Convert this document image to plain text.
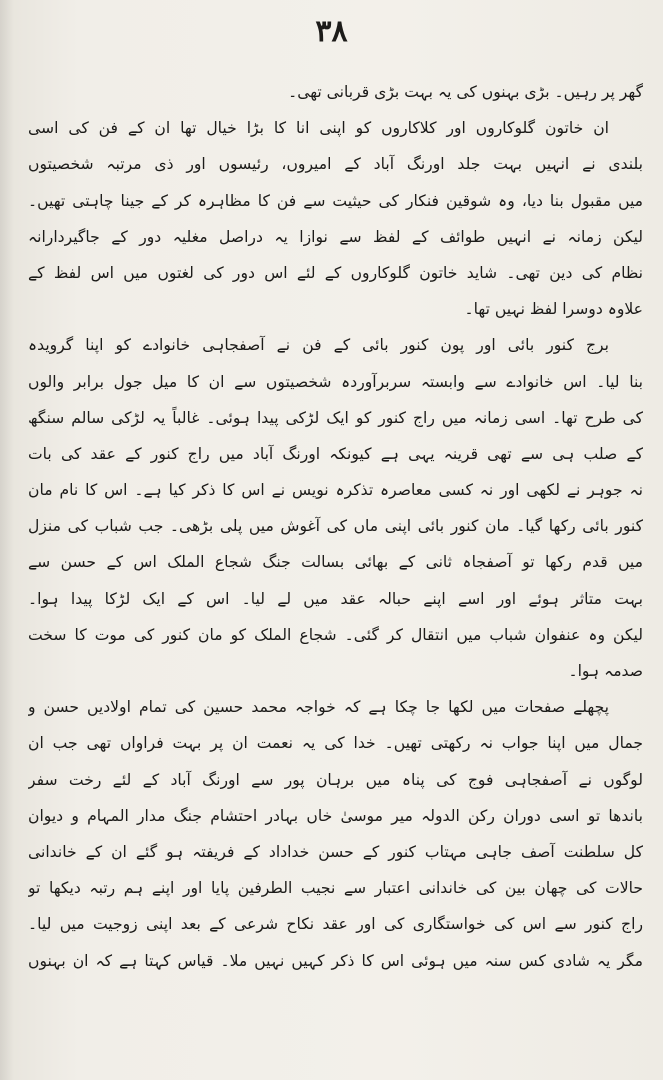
۳۸
گھر پر رہیں۔ بڑی بہنوں کی یہ بہت بڑی قربانی تھی۔
ان خاتون گلوکاروں اور کلاکاروں کو اپنی انا کا بڑا خیال تھا ان کے فن کی اسی
بلندی نے انہیں بہت جلد اورنگ آباد کے امیروں، رئیسوں اور ذی مرتبہ شخصیتوں
میں مقبول بنا دیا، وہ شوقین فنکار کی حیثیت سے فن کا مظاہرہ کر کے جینا چاہتی تھیں۔
لیکن زمانہ نے انہیں طوائف کے لفظ سے نوازا یہ دراصل مغلیہ دور کے جاگیردارانہ
نظام کی دین تھی۔ شاید خاتون گلوکاروں کے لئے اس دور کی لغتوں میں اس لفظ کے
علاوہ دوسرا لفظ نہیں تھا۔
برج کنور بائی اور پون کنور بائی کے فن نے آصفجاہی خانوادے کو اپنا گرویدہ
بنا لیا۔ اس خانوادے سے وابستہ سربرآوردہ شخصیتوں سے ان کا میل جول برابر والوں
کی طرح تھا۔ اسی زمانہ میں راج کنور کو ایک لڑکی پیدا ہوئی۔ غالباً یہ لڑکی سالم سنگھ
کے صلب ہی سے تھی قرینہ یہی ہے کیونکہ اورنگ آباد میں راج کنور کے عقد کی بات
نہ جوہر نے لکھی اور نہ کسی معاصرہ تذکرہ نویس نے اس کا ذکر کیا ہے۔ اس کا نام مان
کنور بائی رکھا گیا۔ مان کنور بائی اپنی ماں کی آغوش میں پلی بڑھی۔ جب شباب کی منزل
میں قدم رکھا تو آصفجاہ ثانی کے بھائی بسالت جنگ شجاع الملک اس کے حسن سے
بہت متاثر ہوئے اور اسے اپنے حبالہ عقد میں لے لیا۔ اس کے ایک لڑکا پیدا ہوا۔
لیکن وہ عنفوان شباب میں انتقال کر گئی۔ شجاع الملک کو مان کنور کی موت کا سخت
صدمہ ہوا۔
پچھلے صفحات میں لکھا جا چکا ہے کہ خواجہ محمد حسین کی تمام اولادیں حسن و
جمال میں اپنا جواب نہ رکھتی تھیں۔ خدا کی یہ نعمت ان پر بہت فراواں تھی جب ان
لوگوں نے آصفجاہی فوج کی پناہ میں برہان پور سے اورنگ آباد کے لئے رخت سفر
باندھا تو اسی دوران رکن الدولہ میر موسیٰ خاں بہادر احتشام جنگ مدار المہام و دیوان
کل سلطنت آصف جاہی مہتاب کنور کے حسن خداداد کے فریفتہ ہو گئے ان کے خاندانی
حالات کی چھان بین کی خاندانی اعتبار سے نجیب الطرفین پایا اور اپنے ہم رتبہ دیکھا تو
راج کنور سے اس کی خواستگاری کی اور عقد نکاح شرعی کے بعد اپنی زوجیت میں لیا۔
مگر یہ شادی کس سنہ میں ہوئی اس کا ذکر کہیں نہیں ملا۔ قیاس کہتا ہے کہ ان بہنوں
